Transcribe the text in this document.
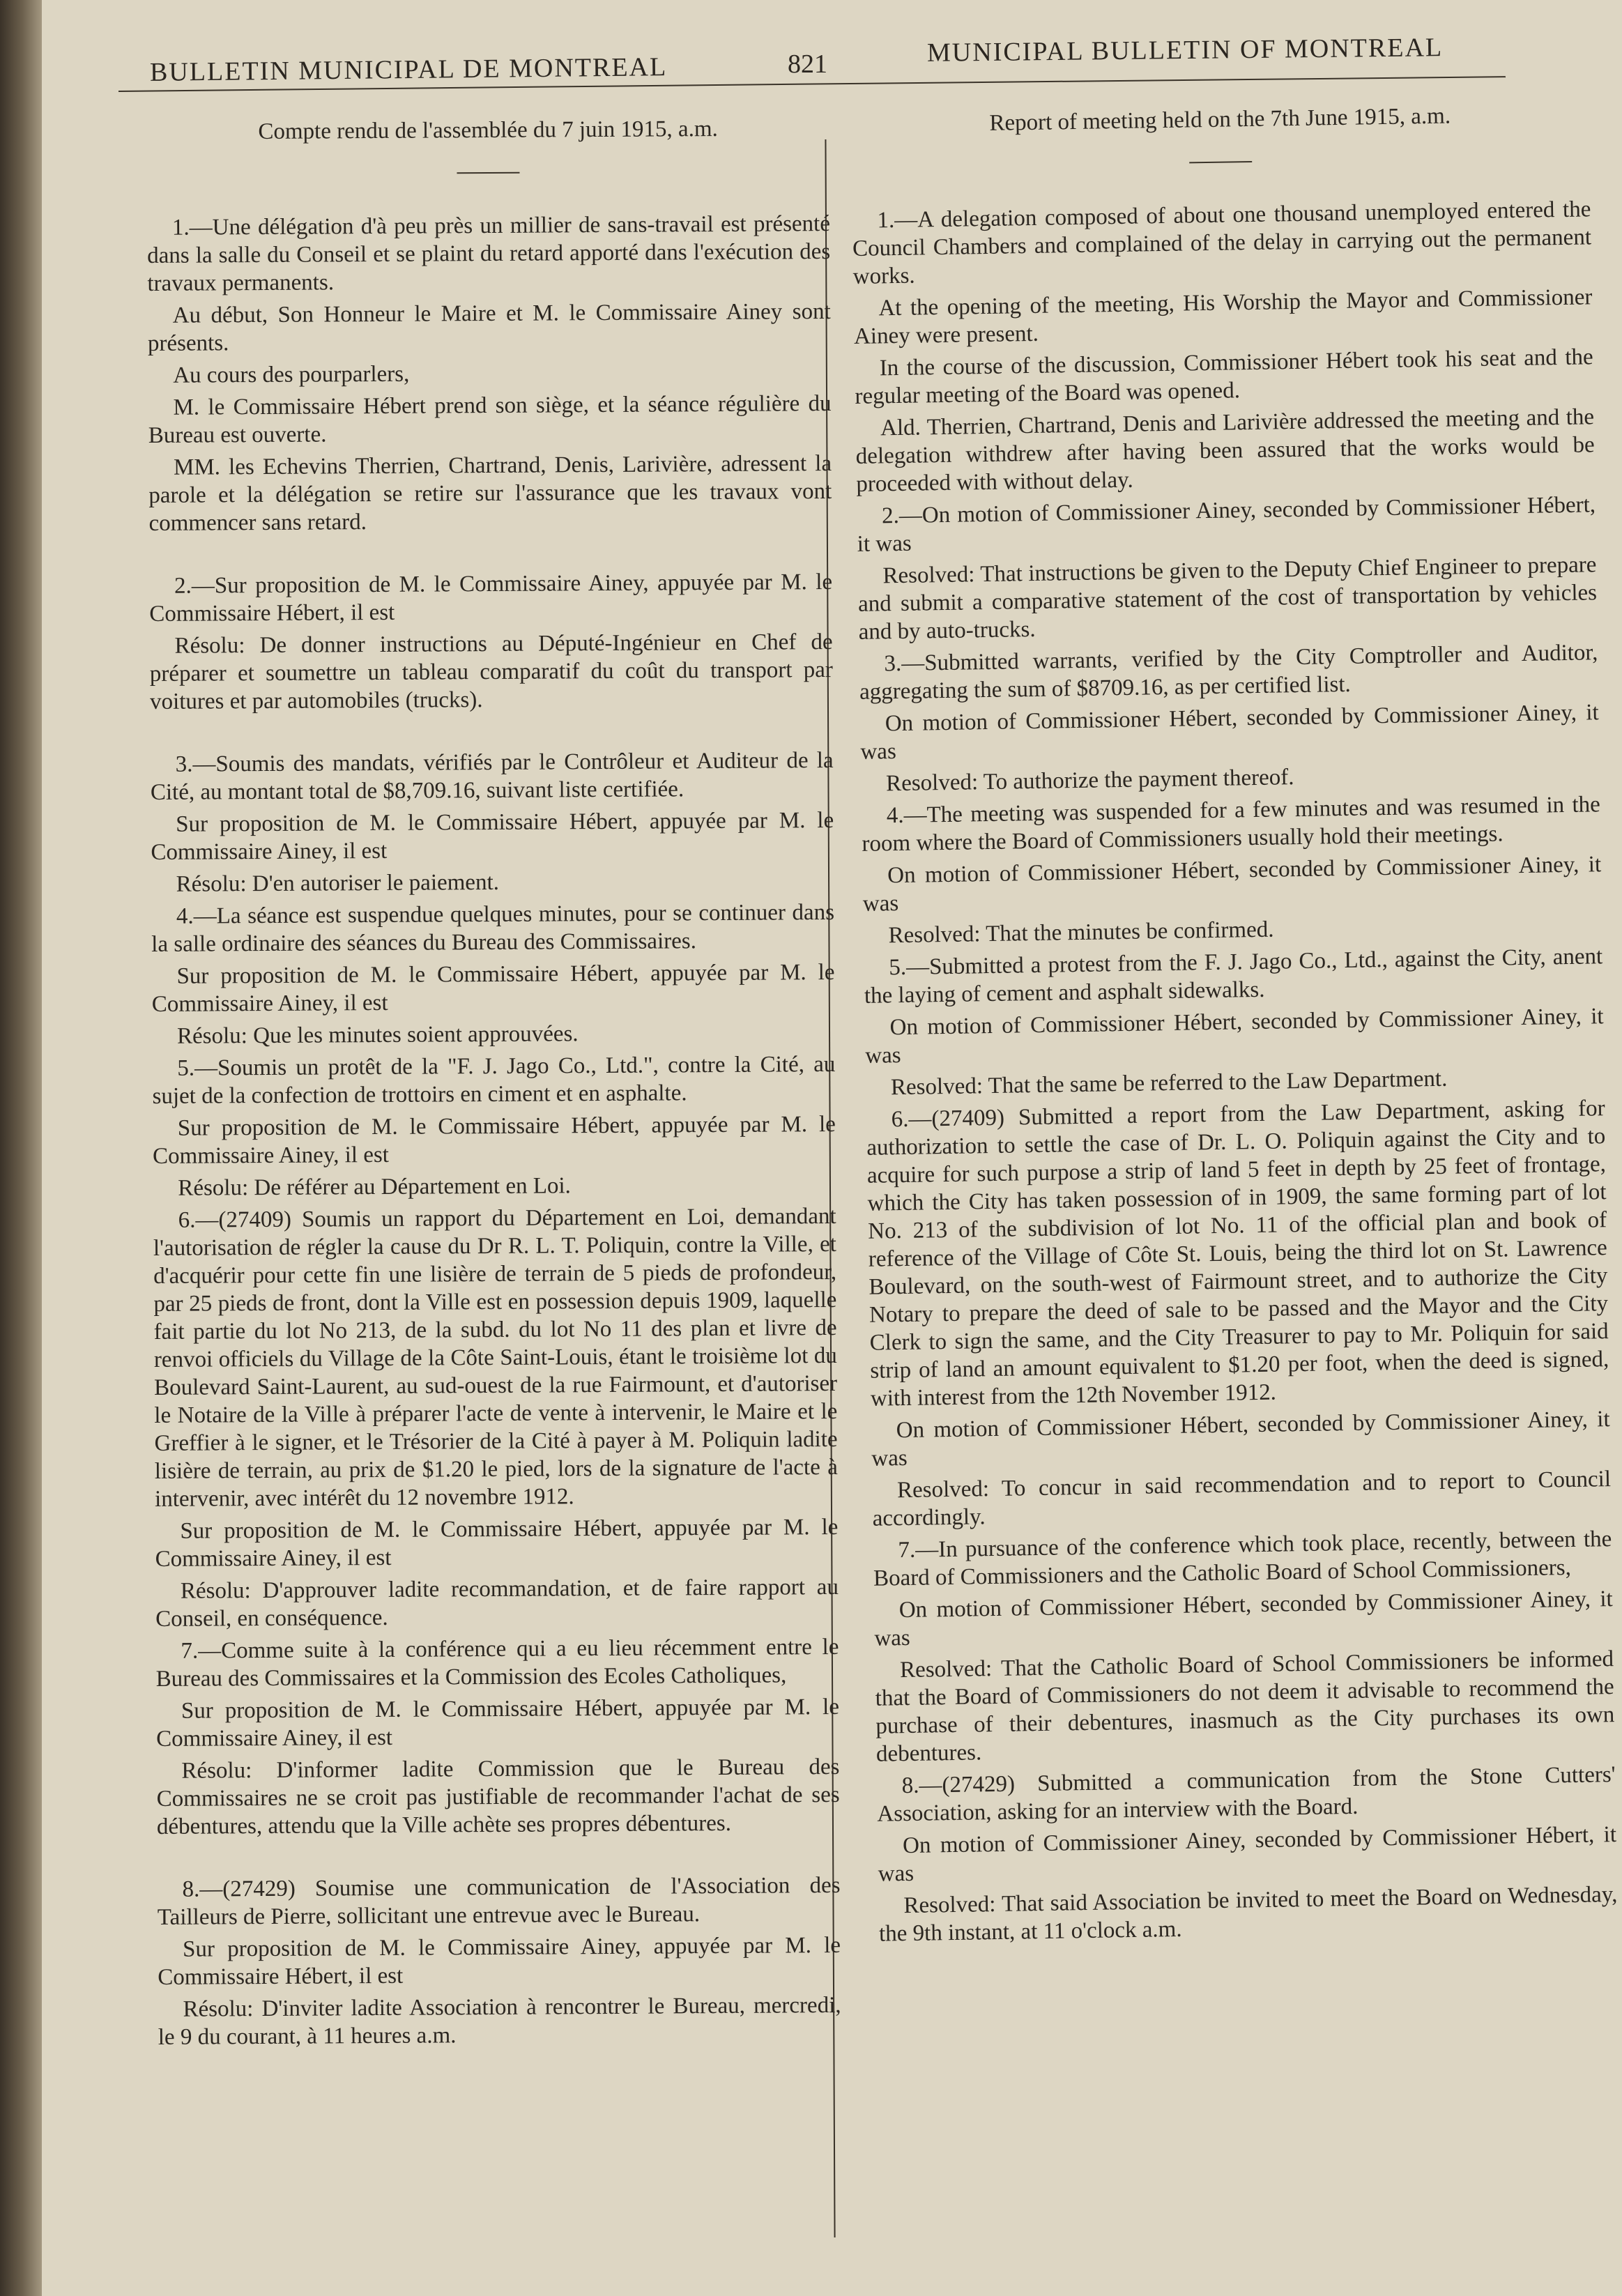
BULLETIN MUNICIPAL DE MONTREAL	821	MUNICIPAL BULLETIN OF MONTREAL

Compte rendu de l'assemblée du 7 juin 1915, a.m.

1.—Une délégation d'à peu près un millier de sans-travail est présenté dans la salle du Conseil et se plaint du retard apporté dans l'exécution des travaux permanents.

Au début, Son Honneur le Maire et M. le Commissaire Ainey sont présents.

Au cours des pourparlers,

M. le Commissaire Hébert prend son siège, et la séance régulière du Bureau est ouverte.

MM. les Echevins Therrien, Chartrand, Denis, Larivière, adressent la parole et la délégation se retire sur l'assurance que les travaux vont commencer sans retard.

2.—Sur proposition de M. le Commissaire Ainey, appuyée par M. le Commissaire Hébert, il est

Résolu: De donner instructions au Député-Ingénieur en Chef de préparer et soumettre un tableau comparatif du coût du transport par voitures et par automobiles (trucks).

3.—Soumis des mandats, vérifiés par le Contrôleur et Auditeur de la Cité, au montant total de $8,709.16, suivant liste certifiée.

Sur proposition de M. le Commissaire Hébert, appuyée par M. le Commissaire Ainey, il est

Résolu: D'en autoriser le paiement.

4.—La séance est suspendue quelques minutes, pour se continuer dans la salle ordinaire des séances du Bureau des Commissaires.

Sur proposition de M. le Commissaire Hébert, appuyée par M. le Commissaire Ainey, il est

Résolu: Que les minutes soient approuvées.

5.—Soumis un protêt de la "F. J. Jago Co., Ltd.", contre la Cité, au sujet de la confection de trottoirs en ciment et en asphalte.

Sur proposition de M. le Commissaire Hébert, appuyée par M. le Commissaire Ainey, il est

Résolu: De référer au Département en Loi.

6.—(27409) Soumis un rapport du Département en Loi, demandant l'autorisation de régler la cause du Dr R. L. T. Poliquin, contre la Ville, et d'acquérir pour cette fin une lisière de terrain de 5 pieds de profondeur, par 25 pieds de front, dont la Ville est en possession depuis 1909, laquelle fait partie du lot No 213, de la subd. du lot No 11 des plan et livre de renvoi officiels du Village de la Côte Saint-Louis, étant le troisième lot du Boulevard Saint-Laurent, au sud-ouest de la rue Fairmount, et d'autoriser le Notaire de la Ville à préparer l'acte de vente à intervenir, le Maire et le Greffier à le signer, et le Trésorier de la Cité à payer à M. Poliquin ladite lisière de terrain, au prix de $1.20 le pied, lors de la signature de l'acte à intervenir, avec intérêt du 12 novembre 1912.

Sur proposition de M. le Commissaire Hébert, appuyée par M. le Commissaire Ainey, il est

Résolu: D'approuver ladite recommandation, et de faire rapport au Conseil, en conséquence.

7.—Comme suite à la conférence qui a eu lieu récemment entre le Bureau des Commissaires et la Commission des Ecoles Catholiques,

Sur proposition de M. le Commissaire Hébert, appuyée par M. le Commissaire Ainey, il est

Résolu: D'informer ladite Commission que le Bureau des Commissaires ne se croit pas justifiable de recommander l'achat de ses débentures, attendu que la Ville achète ses propres débentures.

8.—(27429) Soumise une communication de l'Association des Tailleurs de Pierre, sollicitant une entrevue avec le Bureau.

Sur proposition de M. le Commissaire Ainey, appuyée par M. le Commissaire Hébert, il est

Résolu: D'inviter ladite Association à rencontrer le Bureau, mercredi, le 9 du courant, à 11 heures a.m.

Report of meeting held on the 7th June 1915, a.m.

1.—A delegation composed of about one thousand unemployed entered the Council Chambers and complained of the delay in carrying out the permanent works.

At the opening of the meeting, His Worship the Mayor and Commissioner Ainey were present.

In the course of the discussion, Commissioner Hébert took his seat and the regular meeting of the Board was opened.

Ald. Therrien, Chartrand, Denis and Larivière addressed the meeting and the delegation withdrew after having been assured that the works would be proceeded with without delay.

2.—On motion of Commissioner Ainey, seconded by Commissioner Hébert, it was

Resolved: That instructions be given to the Deputy Chief Engineer to prepare and submit a comparative statement of the cost of transportation by vehicles and by auto-trucks.

3.—Submitted warrants, verified by the City Comptroller and Auditor, aggregating the sum of $8709.16, as per certified list.

On motion of Commissioner Hébert, seconded by Commissioner Ainey, it was

Resolved: To authorize the payment thereof.

4.—The meeting was suspended for a few minutes and was resumed in the room where the Board of Commissioners usually hold their meetings.

On motion of Commissioner Hébert, seconded by Commissioner Ainey, it was

Resolved: That the minutes be confirmed.

5.—Submitted a protest from the F. J. Jago Co., Ltd., against the City, anent the laying of cement and asphalt sidewalks.

On motion of Commissioner Hébert, seconded by Commissioner Ainey, it was

Resolved: That the same be referred to the Law Department.

6.—(27409) Submitted a report from the Law Department, asking for authorization to settle the case of Dr. L. O. Poliquin against the City and to acquire for such purpose a strip of land 5 feet in depth by 25 feet of frontage, which the City has taken possession of in 1909, the same forming part of lot No. 213 of the subdivision of lot No. 11 of the official plan and book of reference of the Village of Côte St. Louis, being the third lot on St. Lawrence Boulevard, on the south-west of Fairmount street, and to authorize the City Notary to prepare the deed of sale to be passed and the Mayor and the City Clerk to sign the same, and the City Treasurer to pay to Mr. Poliquin for said strip of land an amount equivalent to $1.20 per foot, when the deed is signed, with interest from the 12th November 1912.

On motion of Commissioner Hébert, seconded by Commissioner Ainey, it was

Resolved: To concur in said recommendation and to report to Council accordingly.

7.—In pursuance of the conference which took place, recently, between the Board of Commissioners and the Catholic Board of School Commissioners,

On motion of Commissioner Hébert, seconded by Commissioner Ainey, it was

Resolved: That the Catholic Board of School Commissioners be informed that the Board of Commissioners do not deem it advisable to recommend the purchase of their debentures, inasmuch as the City purchases its own debentures.

8.—(27429) Submitted a communication from the Stone Cutters' Association, asking for an interview with the Board.

On motion of Commissioner Ainey, seconded by Commissioner Hébert, it was

Resolved: That said Association be invited to meet the Board on Wednesday, the 9th instant, at 11 o'clock a.m.
